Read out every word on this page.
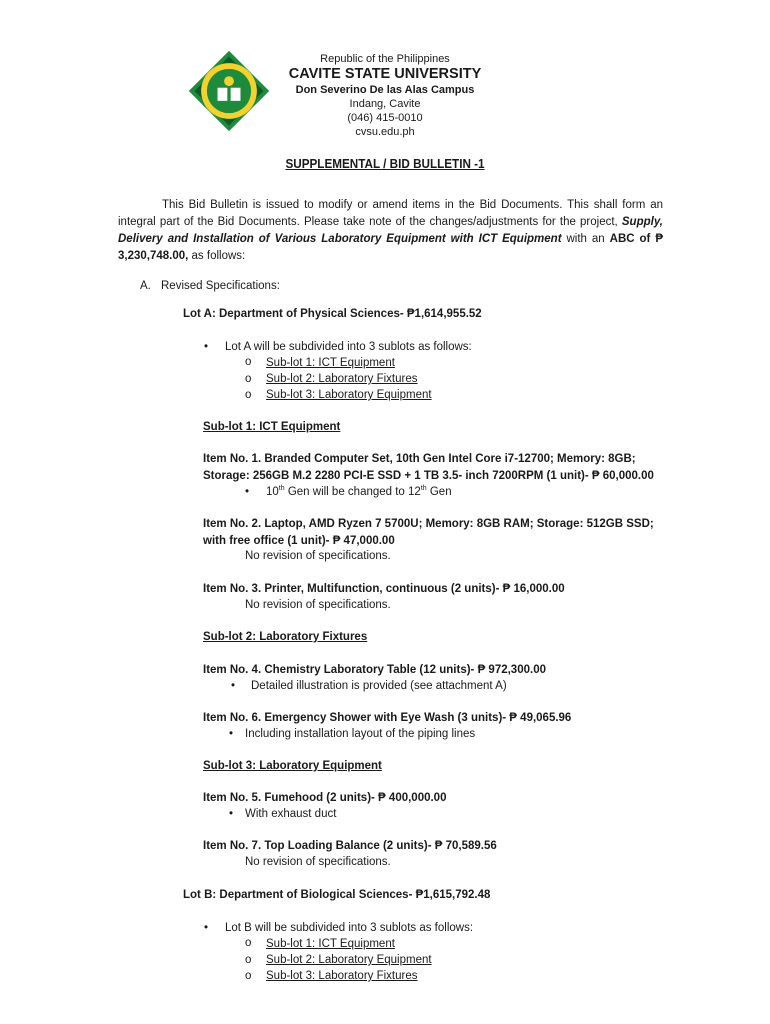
Republic of the Philippines
CAVITE STATE UNIVERSITY
Don Severino De las Alas Campus
Indang, Cavite
(046) 415-0010
cvsu.edu.ph
SUPPLEMENTAL / BID BULLETIN -1
This Bid Bulletin is issued to modify or amend items in the Bid Documents. This shall form an integral part of the Bid Documents. Please take note of the changes/adjustments for the project, Supply, Delivery and Installation of Various Laboratory Equipment with ICT Equipment with an ABC of ₱ 3,230,748.00, as follows:
A. Revised Specifications:
Lot A: Department of Physical Sciences- ₱1,614,955.52
• Lot A will be subdivided into 3 sublots as follows:
o Sub-lot 1: ICT Equipment
o Sub-lot 2: Laboratory Fixtures
o Sub-lot 3: Laboratory Equipment
Sub-lot 1: ICT Equipment
Item No. 1. Branded Computer Set, 10th Gen Intel Core i7-12700; Memory: 8GB;
Storage: 256GB M.2 2280 PCI-E SSD + 1 TB 3.5- inch 7200RPM (1 unit)- ₱ 60,000.00
• 10th Gen will be changed to 12th Gen
Item No. 2. Laptop, AMD Ryzen 7 5700U; Memory: 8GB RAM; Storage: 512GB SSD;
with free office (1 unit)- ₱ 47,000.00
No revision of specifications.
Item No. 3. Printer, Multifunction, continuous (2 units)- ₱ 16,000.00
No revision of specifications.
Sub-lot 2: Laboratory Fixtures
Item No. 4. Chemistry Laboratory Table (12 units)- ₱ 972,300.00
• Detailed illustration is provided (see attachment A)
Item No. 6. Emergency Shower with Eye Wash (3 units)- ₱ 49,065.96
• Including installation layout of the piping lines
Sub-lot 3: Laboratory Equipment
Item No. 5. Fumehood (2 units)- ₱ 400,000.00
• With exhaust duct
Item No. 7. Top Loading Balance (2 units)- ₱ 70,589.56
No revision of specifications.
Lot B: Department of Biological Sciences- ₱1,615,792.48
• Lot B will be subdivided into 3 sublots as follows:
o Sub-lot 1: ICT Equipment
o Sub-lot 2: Laboratory Equipment
o Sub-lot 3: Laboratory Fixtures
